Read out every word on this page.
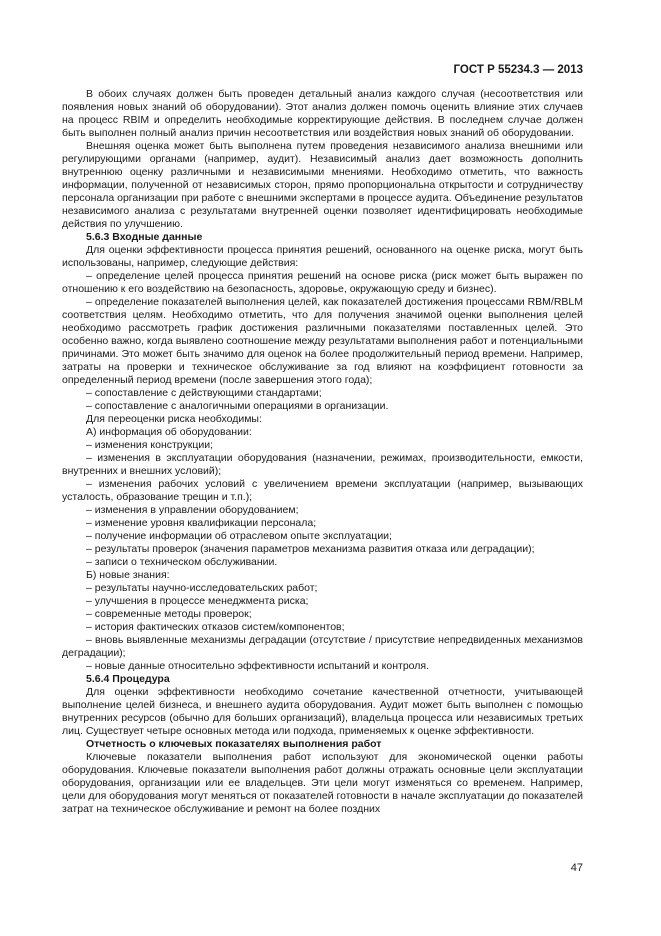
ГОСТ Р 55234.3 — 2013

В обоих случаях должен быть проведен детальный анализ каждого случая (несоответствия или появления новых знаний об оборудовании). Этот анализ должен помочь оценить влияние этих случаев на процесс RBIM и определить необходимые корректирующие действия. В последнем случае должен быть выполнен полный анализ причин несоответствия или воздействия новых знаний об оборудовании.

Внешняя оценка может быть выполнена путем проведения независимого анализа внешними или регулирующими органами (например, аудит). Независимый анализ дает возможность дополнить внутреннюю оценку различными и независимыми мнениями. Необходимо отметить, что важность информации, полученной от независимых сторон, прямо пропорциональна открытости и сотрудничеству персонала организации при работе с внешними экспертами в процессе аудита. Объединение результатов независимого анализа с результатами внутренней оценки позволяет идентифицировать необходимые действия по улучшению.

5.6.3 Входные данные

Для оценки эффективности процесса принятия решений, основанного на оценке риска, могут быть использованы, например, следующие действия:

– определение целей процесса принятия решений на основе риска (риск может быть выражен по отношению к его воздействию на безопасность, здоровье, окружающую среду и бизнес).

– определение показателей выполнения целей, как показателей достижения процессами RBM/RBLM соответствия целям. Необходимо отметить, что для получения значимой оценки выполнения целей необходимо рассмотреть график достижения различными показателями поставленных целей. Это особенно важно, когда выявлено соотношение между результатами выполнения работ и потенциальными причинами. Это может быть значимо для оценок на более продолжительный период времени. Например, затраты на проверки и техническое обслуживание за год влияют на коэффициент готовности за определенный период времени (после завершения этого года);

– сопоставление с действующими стандартами;

– сопоставление с аналогичными операциями в организации.

Для переоценки риска необходимы:

А) информация об оборудовании:

– изменения конструкции;

– изменения в эксплуатации оборудования (назначении, режимах, производительности, емкости, внутренних и внешних условий);

– изменения рабочих условий с увеличением времени эксплуатации (например, вызывающих усталость, образование трещин и т.п.);

– изменения в управлении оборудованием;

– изменение уровня квалификации персонала;

– получение информации об отраслевом опыте эксплуатации;

– результаты проверок (значения параметров механизма развития отказа или деградации);

– записи о техническом обслуживании.

Б) новые знания:

– результаты научно-исследовательских работ;

– улучшения в процессе менеджмента риска;

– современные методы проверок;

– история фактических отказов систем/компонентов;

– вновь выявленные механизмы деградации (отсутствие / присутствие непредвиденных механизмов деградации);

– новые данные относительно эффективности испытаний и контроля.

5.6.4 Процедура

Для оценки эффективности необходимо сочетание качественной отчетности, учитывающей выполнение целей бизнеса, и внешнего аудита оборудования. Аудит может быть выполнен с помощью внутренних ресурсов (обычно для больших организаций), владельца процесса или независимых третьих лиц. Существует четыре основных метода или подхода, применяемых к оценке эффективности.

Отчетность о ключевых показателях выполнения работ

Ключевые показатели выполнения работ используют для экономической оценки работы оборудования. Ключевые показатели выполнения работ должны отражать основные цели эксплуатации оборудования, организации или ее владельцев. Эти цели могут изменяться со временем. Например, цели для оборудования могут меняться от показателей готовности в начале эксплуатации до показателей затрат на техническое обслуживание и ремонт на более поздних

47
